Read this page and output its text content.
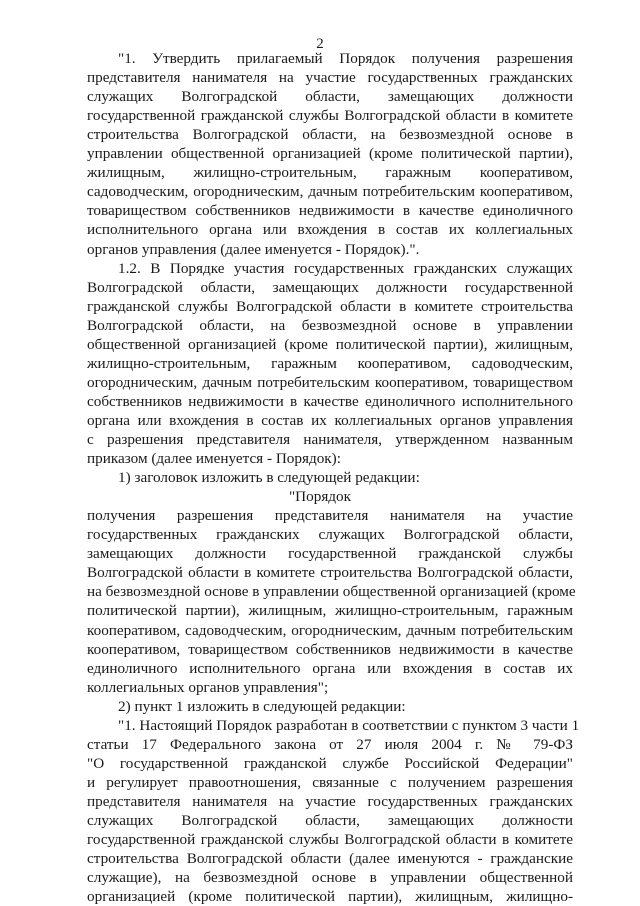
2
"1. Утвердить прилагаемый Порядок получения разрешения
представителя нанимателя на участие государственных гражданских
служащих Волгоградской области, замещающих должности
государственной гражданской службы Волгоградской области в комитете
строительства Волгоградской области, на безвозмездной основе в
управлении общественной организацией (кроме политической партии),
жилищным, жилищно-строительным, гаражным кооперативом,
садоводческим, огородническим, дачным потребительским кооперативом,
товариществом собственников недвижимости в качестве единоличного
исполнительного органа или вхождения в состав их коллегиальных
органов управления (далее именуется - Порядок).".
1.2. В Порядке участия государственных гражданских служащих
Волгоградской области, замещающих должности государственной
гражданской службы Волгоградской области в комитете строительства
Волгоградской области, на безвозмездной основе в управлении
общественной организацией (кроме политической партии), жилищным,
жилищно-строительным, гаражным кооперативом, садоводческим,
огородническим, дачным потребительским кооперативом, товариществом
собственников недвижимости в качестве единоличного исполнительного
органа или вхождения в состав их коллегиальных органов управления
с разрешения представителя нанимателя, утвержденном названным
приказом (далее именуется - Порядок):
1) заголовок изложить в следующей редакции:
"Порядок
получения разрешения представителя нанимателя на участие
государственных гражданских служащих Волгоградской области,
замещающих должности государственной гражданской службы
Волгоградской области в комитете строительства Волгоградской области,
на безвозмездной основе в управлении общественной организацией (кроме
политической партии), жилищным, жилищно-строительным, гаражным
кооперативом, садоводческим, огородническим, дачным потребительским
кооперативом, товариществом собственников недвижимости в качестве
единоличного исполнительного органа или вхождения в состав их
коллегиальных органов управления";
2) пункт 1 изложить в следующей редакции:
"1. Настоящий Порядок разработан в соответствии с пунктом 3 части 1
статьи 17 Федерального закона от 27 июля 2004 г. № 79-ФЗ
"О государственной гражданской службе Российской Федерации"
и регулирует правоотношения, связанные с получением разрешения
представителя нанимателя на участие государственных гражданских
служащих Волгоградской области, замещающих должности
государственной гражданской службы Волгоградской области в комитете
строительства Волгоградской области (далее именуются - гражданские
служащие), на безвозмездной основе в управлении общественной
организацией (кроме политической партии), жилищным, жилищно-
